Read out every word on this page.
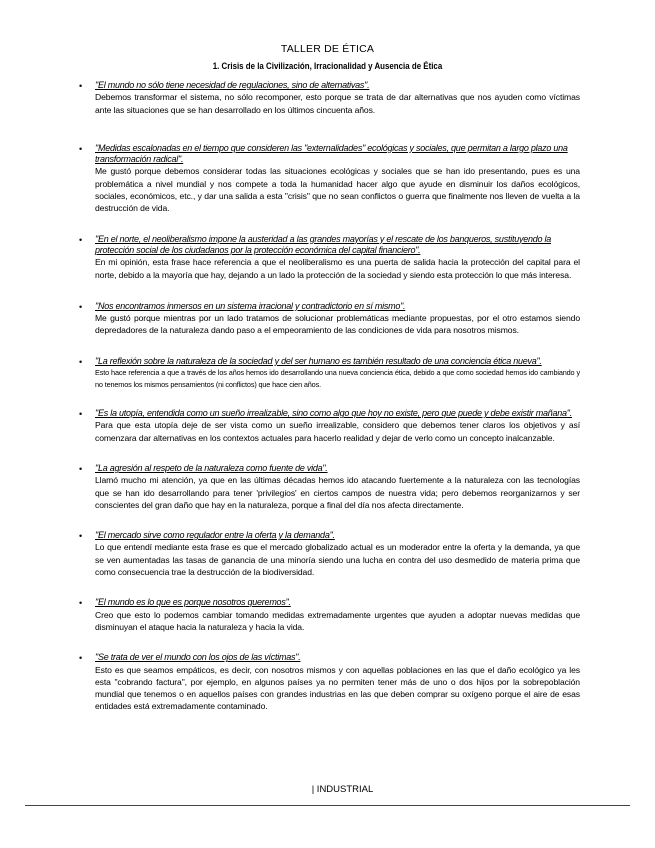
TALLER DE ÉTICA
1. Crisis de la Civilización, Irracionalidad y Ausencia de Ética
• "El mundo no sólo tiene necesidad de regulaciones, sino de alternativas".
Debemos transformar el sistema, no sólo recomponer, esto porque se trata de dar alternativas que nos ayuden como víctimas ante las situaciones que se han desarrollado en los últimos cincuenta años.
• "Medidas escalonadas en el tiempo que consideren las "externalidades" ecológicas y sociales, que permitan a largo plazo una transformación radical".
Me gustó porque debemos considerar todas las situaciones ecológicas y sociales que se han ido presentando, pues es una problemática a nivel mundial y nos compete a toda la humanidad hacer algo que ayude en disminuir los daños ecológicos, sociales, económicos, etc., y dar una salida a esta "crisis" que no sean conflictos o guerra que finalmente nos lleven de vuelta a la destrucción de vida.
• "En el norte, el neoliberalismo impone la austeridad a las grandes mayorías y el rescate de los banqueros, sustituyendo la protección social de los ciudadanos por la protección económica del capital financiero".
En mi opinión, esta frase hace referencia a que el neoliberalismo es una puerta de salida hacia la protección del capital para el norte, debido a la mayoría que hay, dejando a un lado la protección de la sociedad y siendo esta protección lo que más interesa.
• "Nos encontramos inmersos en un sistema irracional y contradictorio en sí mismo".
Me gustó porque mientras por un lado tratamos de solucionar problemáticas mediante propuestas, por el otro estamos siendo depredadores de la naturaleza dando paso a el empeoramiento de las condiciones de vida para nosotros mismos.
• "La reflexión sobre la naturaleza de la sociedad y del ser humano es también resultado de una conciencia ética nueva".
Esto hace referencia a que a través de los años hemos ido desarrollando una nueva conciencia ética, debido a que como sociedad hemos ido cambiando y no tenemos los mismos pensamientos (ni conflictos) que hace cien años.
• "Es la utopía, entendida como un sueño irrealizable, sino como algo que hoy no existe, pero que puede y debe existir mañana".
Para que esta utopía deje de ser vista como un sueño irrealizable, considero que debemos tener claros los objetivos y así comenzara dar alternativas en los contextos actuales para hacerlo realidad y dejar de verlo como un concepto inalcanzable.
• "La agresión al respeto de la naturaleza como fuente de vida".
Llamó mucho mi atención, ya que en las últimas décadas hemos ido atacando fuertemente a la naturaleza con las tecnologías que se han ido desarrollando para tener 'privilegios' en ciertos campos de nuestra vida; pero debemos reorganizarnos y ser conscientes del gran daño que hay en la naturaleza, porque a final del día nos afecta directamente.
• "El mercado sirve como regulador entre la oferta y la demanda".
Lo que entendí mediante esta frase es que el mercado globalizado actual es un moderador entre la oferta y la demanda, ya que se ven aumentadas las tasas de ganancia de una minoría siendo una lucha en contra del uso desmedido de materia prima que como consecuencia trae la destrucción de la biodiversidad.
• "El mundo es lo que es porque nosotros queremos".
Creo que esto lo podemos cambiar tomando medidas extremadamente urgentes que ayuden a adoptar nuevas medidas que disminuyan el ataque hacia la naturaleza y hacia la vida.
• "Se trata de ver el mundo con los ojos de las víctimas".
Esto es que seamos empáticos, es decir, con nosotros mismos y con aquellas poblaciones en las que el daño ecológico ya les esta "cobrando factura", por ejemplo, en algunos países ya no permiten tener más de uno o dos hijos por la sobrepoblación mundial que tenemos o en aquellos países con grandes industrias en las que deben comprar su oxígeno porque el aire de esas entidades está extremadamente contaminado.
| INDUSTRIAL
